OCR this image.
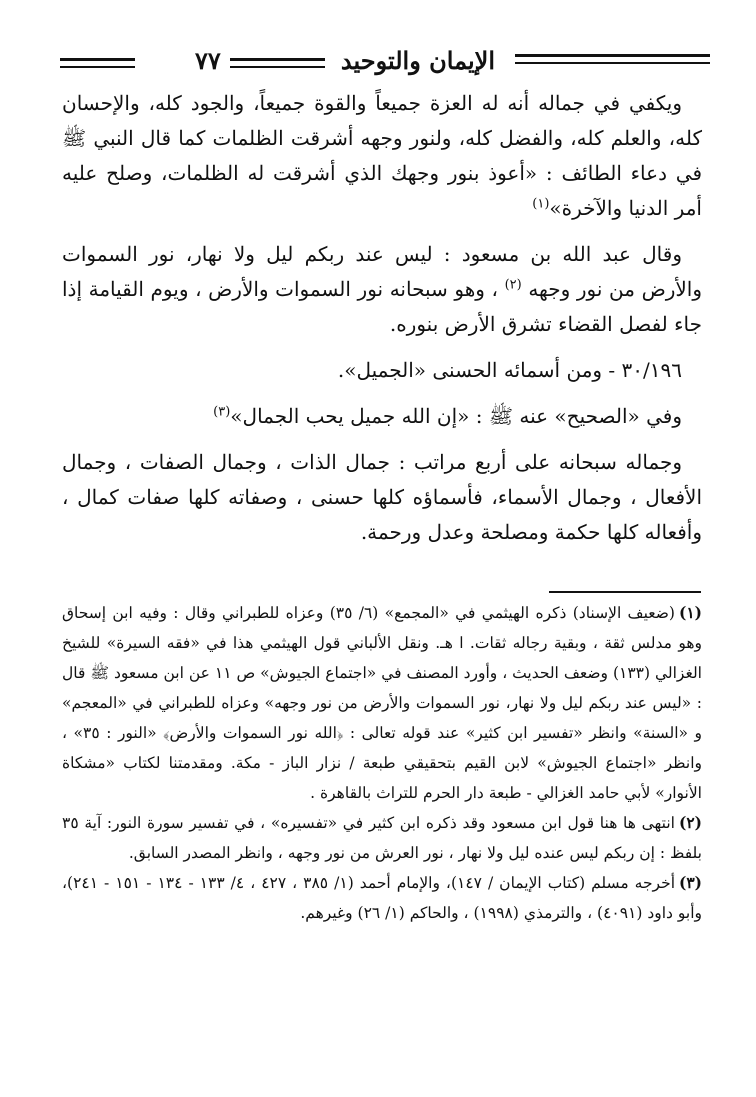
٧٧	الإيمان والتوحيد

ويكفي في جماله أنه له العزة جميعاً والقوة جميعاً، والجود كله، والإحسان كله، والعلم كله، والفضل كله، ولنور وجهه أشرقت الظلمات كما قال النبي ﷺ في دعاء الطائف : «أعوذ بنور وجهك الذي أشرقت له الظلمات، وصلح عليه أمر الدنيا والآخرة»$^{(١)}$

وقال عبد الله بن مسعود : ليس عند ربكم ليل ولا نهار، نور السموات والأرض من نور وجهه $^{(٢)}$ ، وهو سبحانه نور السموات والأرض ، ويوم القيامة إذا جاء لفصل القضاء تشرق الأرض بنوره.

٣٠/١٩٦ - ومن أسمائه الحسنى «الجميل».

وفي «الصحيح» عنه ﷺ : «إن الله جميل يحب الجمال»$^{(٣)}$

وجماله سبحانه على أربع مراتب : جمال الذات ، وجمال الصفات ، وجمال الأفعال ، وجمال الأسماء، فأسماؤه كلها حسنى ، وصفاته كلها صفات كمال ، وأفعاله كلها حكمة ومصلحة وعدل ورحمة.

(١)(ضعيف الإسناد) ذكره الهيثمي في «المجمع» (٦/ ٣٥) وعزاه للطبراني وقال : وفيه ابن إسحاق وهو مدلس ثقة ، وبقية رجاله ثقات. ا هـ. ونقل الألباني قول الهيثمي هذا في «فقه السيرة» للشيخ الغزالي (١٣٣) وضعف الحديث ، وأورد المصنف في «اجتماع الجيوش» ص ١١ عن ابن مسعود ﷺ قال : «ليس عند ربكم ليل ولا نهار، نور السموات والأرض من نور وجهه» وعزاه للطبراني في «المعجم» و «السنة» وانظر «تفسير ابن كثير» عند قوله تعالى : ﴿الله نور السموات والأرض﴾ «النور : ٣٥» ، وانظر «اجتماع الجيوش» لابن القيم بتحقيقي طبعة / نزار الباز - مكة. ومقدمتنا لكتاب «مشكاة الأنوار» لأبي حامد الغزالي - طبعة دار الحرم للتراث بالقاهرة .

(٢)انتهى ها هنا قول ابن مسعود وقد ذكره ابن كثير في «تفسيره» ، في تفسير سورة النور: آية ٣٥ بلفظ : إن ربكم ليس عنده ليل ولا نهار ، نور العرش من نور وجهه ، وانظر المصدر السابق.

(٣)أخرجه مسلم (كتاب الإيمان / ١٤٧)، والإمام أحمد (١/ ٣٨٥ ، ٤٢٧ ، ٤/ ١٣٣ - ١٣٤ - ١٥١ - ٢٤١)، وأبو داود (٤٠٩١) ، والترمذي (١٩٩٨) ، والحاكم (١/ ٢٦) وغيرهم.
